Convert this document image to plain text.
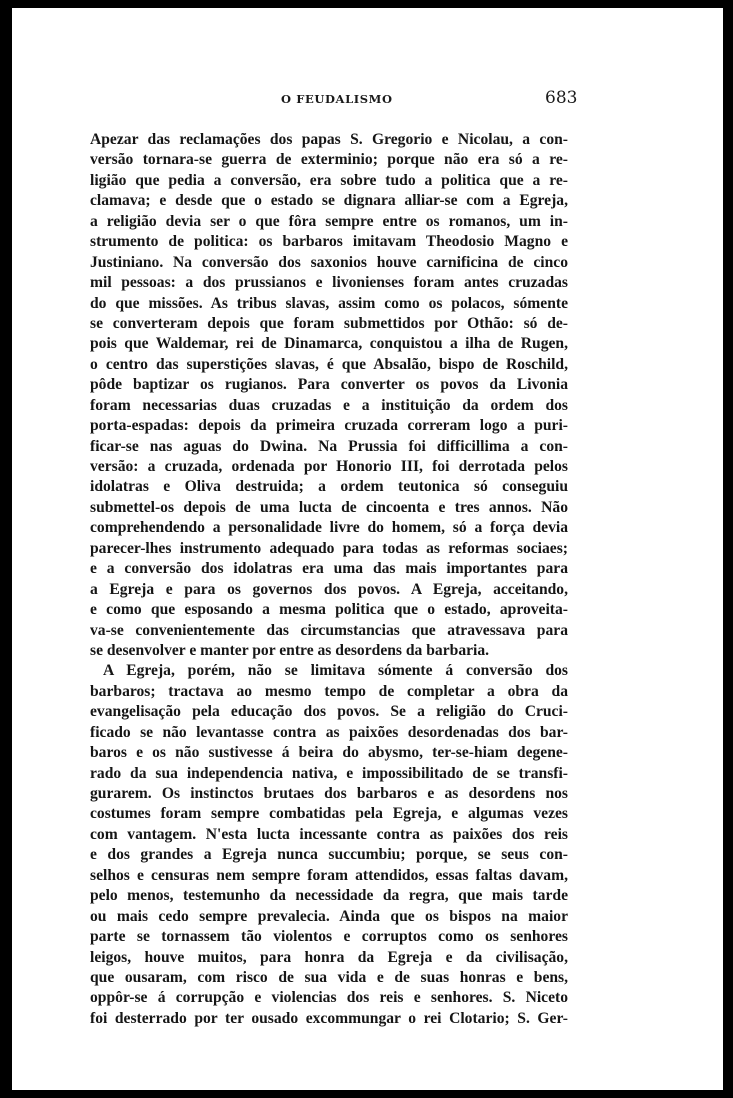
O FEUDALISMO	683
Apezar das reclamações dos papas S. Gregorio e Nicolau, a con-
versão tornara-se guerra de exterminio; porque não era só a re-
ligião que pedia a conversão, era sobre tudo a politica que a re-
clamava; e desde que o estado se dignara alliar-se com a Egreja,
a religião devia ser o que fôra sempre entre os romanos, um in-
strumento de politica: os barbaros imitavam Theodosio Magno e
Justiniano. Na conversão dos saxonios houve carnificina de cinco
mil pessoas: a dos prussianos e livonienses foram antes cruzadas
do que missões. As tribus slavas, assim como os polacos, sómente
se converteram depois que foram submettidos por Othão: só de-
pois que Waldemar, rei de Dinamarca, conquistou a ilha de Rugen,
o centro das superstições slavas, é que Absalão, bispo de Roschild,
pôde baptizar os rugianos. Para converter os povos da Livonia
foram necessarias duas cruzadas e a instituição da ordem dos
porta-espadas: depois da primeira cruzada correram logo a puri-
ficar-se nas aguas do Dwina. Na Prussia foi difficillima a con-
versão: a cruzada, ordenada por Honorio III, foi derrotada pelos
idolatras e Oliva destruida; a ordem teutonica só conseguiu
submettel-os depois de uma lucta de cincoenta e tres annos. Não
comprehendendo a personalidade livre do homem, só a força devia
parecer-lhes instrumento adequado para todas as reformas sociaes;
e a conversão dos idolatras era uma das mais importantes para
a Egreja e para os governos dos povos. A Egreja, acceitando,
e como que esposando a mesma politica que o estado, aproveita-
va-se convenientemente das circumstancias que atravessava para
se desenvolver e manter por entre as desordens da barbaria.
A Egreja, porém, não se limitava sómente á conversão dos
barbaros; tractava ao mesmo tempo de completar a obra da
evangelisação pela educação dos povos. Se a religião do Cruci-
ficado se não levantasse contra as paixões desordenadas dos bar-
baros e os não sustivesse á beira do abysmo, ter-se-hiam degene-
rado da sua independencia nativa, e impossibilitado de se transfi-
gurarem. Os instinctos brutaes dos barbaros e as desordens nos
costumes foram sempre combatidas pela Egreja, e algumas vezes
com vantagem. N'esta lucta incessante contra as paixões dos reis
e dos grandes a Egreja nunca succumbiu; porque, se seus con-
selhos e censuras nem sempre foram attendidos, essas faltas davam,
pelo menos, testemunho da necessidade da regra, que mais tarde
ou mais cedo sempre prevalecia. Ainda que os bispos na maior
parte se tornassem tão violentos e corruptos como os senhores
leigos, houve muitos, para honra da Egreja e da civilisação,
que ousaram, com risco de sua vida e de suas honras e bens,
oppôr-se á corrupção e violencias dos reis e senhores. S. Niceto
foi desterrado por ter ousado excommungar o rei Clotario; S. Ger-
